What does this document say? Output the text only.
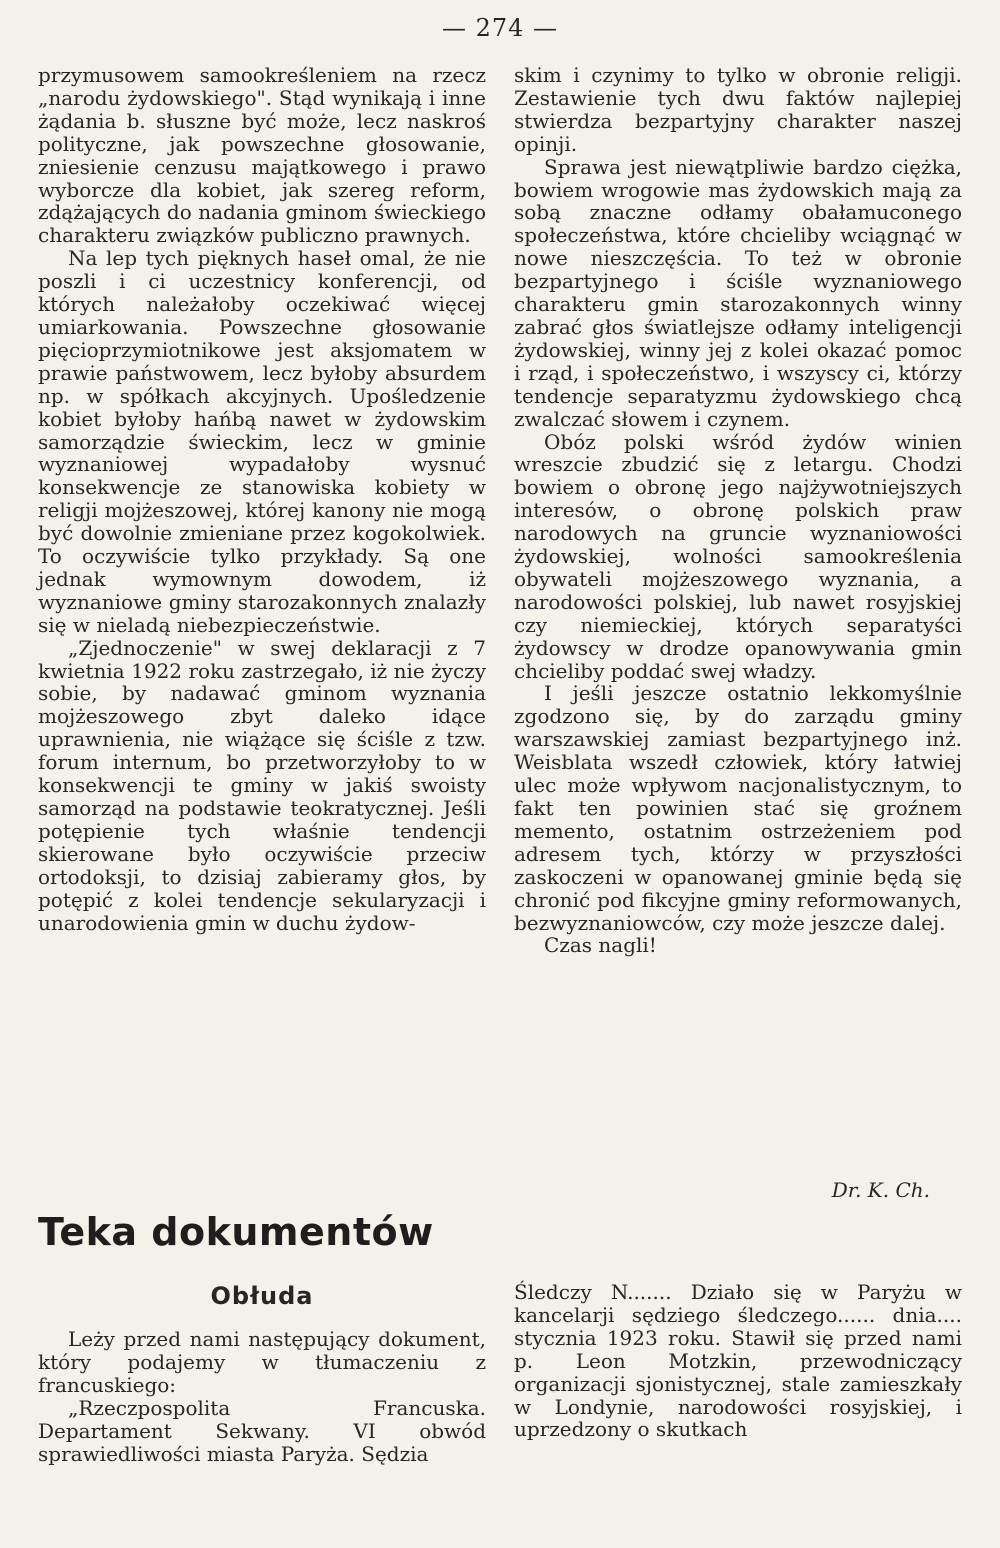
— 274 —

przymusowem samookreśleniem na rzecz „narodu żydowskiego". Stąd wynikają i inne żądania b. słuszne być może, lecz naskroś polityczne, jak powszechne głosowanie, zniesienie cenzusu majątkowego i prawo wyborcze dla kobiet, jak szereg reform, zdążających do nadania gminom świeckiego charakteru związków publiczno prawnych.

Na lep tych pięknych haseł omal, że nie poszli i ci uczestnicy konferencji, od których należałoby oczekiwać więcej umiarkowania. Powszechne głosowanie pięcioprzymiotnikowe jest aksjomatem w prawie państwowem, lecz byłoby absurdem np. w spółkach akcyjnych. Upośledzenie kobiet byłoby hańbą nawet w żydowskim samorządzie świeckim, lecz w gminie wyznaniowej wypadałoby wysnuć konsekwencje ze stanowiska kobiety w religji mojżeszowej, której kanony nie mogą być dowolnie zmieniane przez kogokolwiek. To oczywiście tylko przykłady. Są one jednak wymownym dowodem, iż wyznaniowe gminy starozakonnych znalazły się w nieladą niebezpieczeństwie.

„Zjednoczenie" w swej deklaracji z 7 kwietnia 1922 roku zastrzegało, iż nie życzy sobie, by nadawać gminom wyznania mojżeszowego zbyt daleko idące uprawnienia, nie wiążące się ściśle z tzw. forum internum, bo przetworzyłoby to w konsekwencji te gminy w jakiś swoisty samorząd na podstawie teokratycznej. Jeśli potępienie tych właśnie tendencji skierowane było oczywiście przeciw ortodoksji, to dzisiaj zabieramy głos, by potępić z kolei tendencje sekularyzacji i unarodowienia gmin w duchu żydow-

skim i czynimy to tylko w obronie religji. Zestawienie tych dwu faktów najlepiej stwierdza bezpartyjny charakter naszej opinji.

Sprawa jest niewątpliwie bardzo ciężka, bowiem wrogowie mas żydowskich mają za sobą znaczne odłamy obałamuconego społeczeństwa, które chcieliby wciągnąć w nowe nieszczęścia. To też w obronie bezpartyjnego i ściśle wyznaniowego charakteru gmin starozakonnych winny zabrać głos światlejsze odłamy inteligencji żydowskiej, winny jej z kolei okazać pomoc i rząd, i społeczeństwo, i wszyscy ci, którzy tendencje separatyzmu żydowskiego chcą zwalczać słowem i czynem.

Obóz polski wśród żydów winien wreszcie zbudzić się z letargu. Chodzi bowiem o obronę jego najżywotniejszych interesów, o obronę polskich praw narodowych na gruncie wyznaniowości żydowskiej, wolności samookreślenia obywateli mojżeszowego wyznania, a narodowości polskiej, lub nawet rosyjskiej czy niemieckiej, których separatyści żydowscy w drodze opanowywania gmin chcieliby poddać swej władzy.

I jeśli jeszcze ostatnio lekkomyślnie zgodzono się, by do zarządu gminy warszawskiej zamiast bezpartyjnego inż. Weisblata wszedł człowiek, który łatwiej ulec może wpływom nacjonalistycznym, to fakt ten powinien stać się groźnem memento, ostatnim ostrzeżeniem pod adresem tych, którzy w przyszłości zaskoczeni w opanowanej gminie będą się chronić pod fikcyjne gminy reformowanych, bezwyznaniowców, czy może jeszcze dalej.

Czas nagli!

Dr. K. Ch.
Teka dokumentów
Obłuda

Leży przed nami następujący dokument, który podajemy w tłumaczeniu z francuskiego:

„Rzeczpospolita Francuska. Departament Sekwany. VI obwód sprawiedliwości miasta Paryża. Sędzia

Śledczy N....... Działo się w Paryżu w kancelarji sędziego śledczego...... dnia.... stycznia 1923 roku. Stawił się przed nami p. Leon Motzkin, przewodniczący organizacji sjonistycznej, stale zamieszkały w Londynie, narodowości rosyjskiej, i uprzedzony o skutkach
